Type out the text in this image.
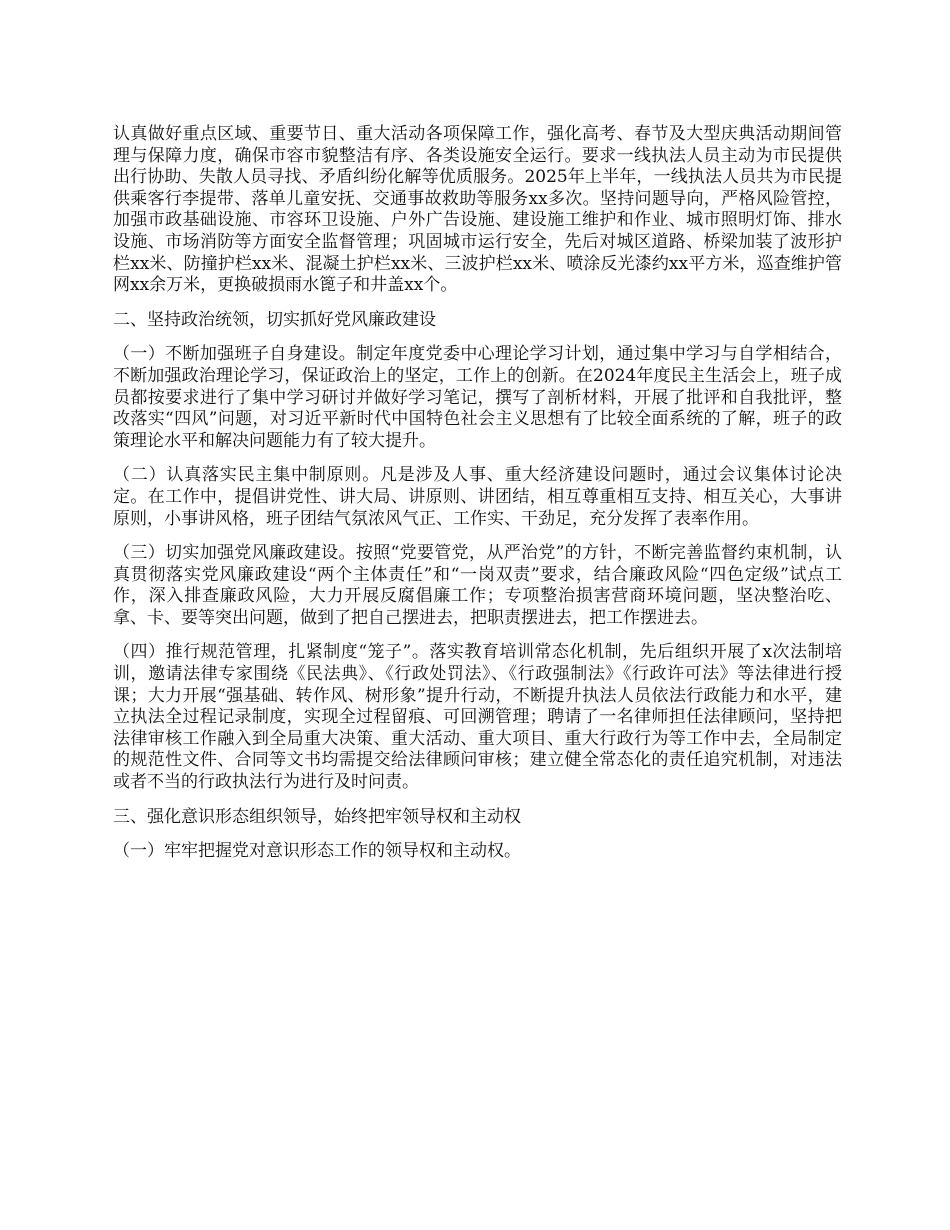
认真做好重点区域、重要节日、重大活动各项保障工作，强化高考、春节及大型庆典活动期间管理与保障力度，确保市容市貌整洁有序、各类设施安全运行。要求一线执法人员主动为市民提供出行协助、失散人员寻找、矛盾纠纷化解等优质服务。2025年上半年，一线执法人员共为市民提供乘客行李提带、落单儿童安抚、交通事故救助等服务xx多次。坚持问题导向，严格风险管控，加强市政基础设施、市容环卫设施、户外广告设施、建设施工维护和作业、城市照明灯饰、排水设施、市场消防等方面安全监督管理；巩固城市运行安全，先后对城区道路、桥梁加装了波形护栏xx米、防撞护栏xx米、混凝土护栏xx米、三波护栏xx米、喷涂反光漆约xx平方米，巡查维护管网xx余万米，更换破损雨水篦子和井盖xx个。

二、坚持政治统领，切实抓好党风廉政建设

（一）不断加强班子自身建设。制定年度党委中心理论学习计划，通过集中学习与自学相结合，不断加强政治理论学习，保证政治上的坚定，工作上的创新。在2024年度民主生活会上，班子成员都按要求进行了集中学习研讨并做好学习笔记，撰写了剖析材料，开展了批评和自我批评，整改落实“四风”问题，对习近平新时代中国特色社会主义思想有了比较全面系统的了解，班子的政策理论水平和解决问题能力有了较大提升。

（二）认真落实民主集中制原则。凡是涉及人事、重大经济建设问题时，通过会议集体讨论决定。在工作中，提倡讲党性、讲大局、讲原则、讲团结，相互尊重相互支持、相互关心，大事讲原则，小事讲风格，班子团结气氛浓风气正、工作实、干劲足，充分发挥了表率作用。

（三）切实加强党风廉政建设。按照“党要管党，从严治党”的方针，不断完善监督约束机制，认真贯彻落实党风廉政建设“两个主体责任”和“一岗双责”要求，结合廉政风险“四色定级”试点工作，深入排查廉政风险，大力开展反腐倡廉工作；专项整治损害营商环境问题，坚决整治吃、拿、卡、要等突出问题，做到了把自己摆进去，把职责摆进去，把工作摆进去。

（四）推行规范管理，扎紧制度“笼子”。落实教育培训常态化机制，先后组织开展了x次法制培训，邀请法律专家围绕《民法典》、《行政处罚法》、《行政强制法》《行政许可法》等法律进行授课；大力开展“强基础、转作风、树形象”提升行动，不断提升执法人员依法行政能力和水平，建立执法全过程记录制度，实现全过程留痕、可回溯管理；聘请了一名律师担任法律顾问，坚持把法律审核工作融入到全局重大决策、重大活动、重大项目、重大行政行为等工作中去，全局制定的规范性文件、合同等文书均需提交给法律顾问审核；建立健全常态化的责任追究机制，对违法或者不当的行政执法行为进行及时问责。

三、强化意识形态组织领导，始终把牢领导权和主动权

（一）牢牢把握党对意识形态工作的领导权和主动权。
